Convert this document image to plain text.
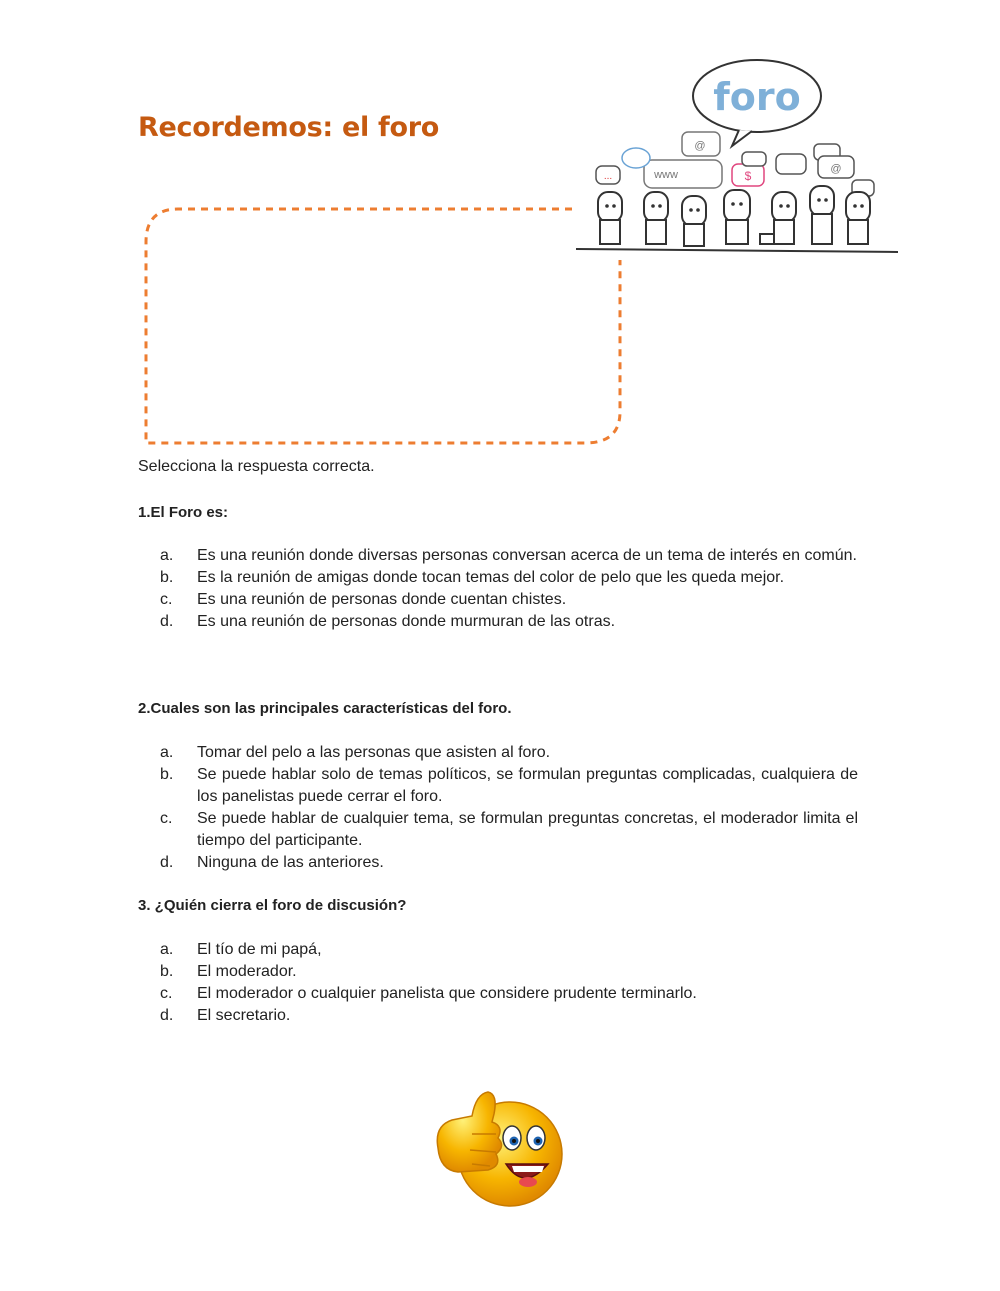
Recordemos: el foro
foro
@
www
...	$	@

Selecciona la respuesta correcta.

1.El Foro es:

a.	Es una reunión donde diversas personas conversan acerca de un tema de interés en común.
b.	Es la reunión de amigas donde tocan temas del color de pelo que les queda mejor.
c.	Es una reunión de personas donde cuentan chistes.
d.	Es una reunión de personas donde murmuran de las otras.

2.Cuales son las principales características del foro.

a.	Tomar del pelo a las personas que asisten al foro.
b.	Se puede hablar solo de temas políticos, se formulan preguntas complicadas, cualquiera de los panelistas puede cerrar el foro.
c.	Se puede hablar de cualquier tema, se formulan preguntas concretas, el moderador limita el tiempo del participante.
d.	Ninguna de las anteriores.

3. ¿Quién cierra el foro de discusión?

a.	El tío de mi papá,
b.	El moderador.
c.	El moderador o cualquier panelista que considere prudente terminarlo.
d.	El secretario.
